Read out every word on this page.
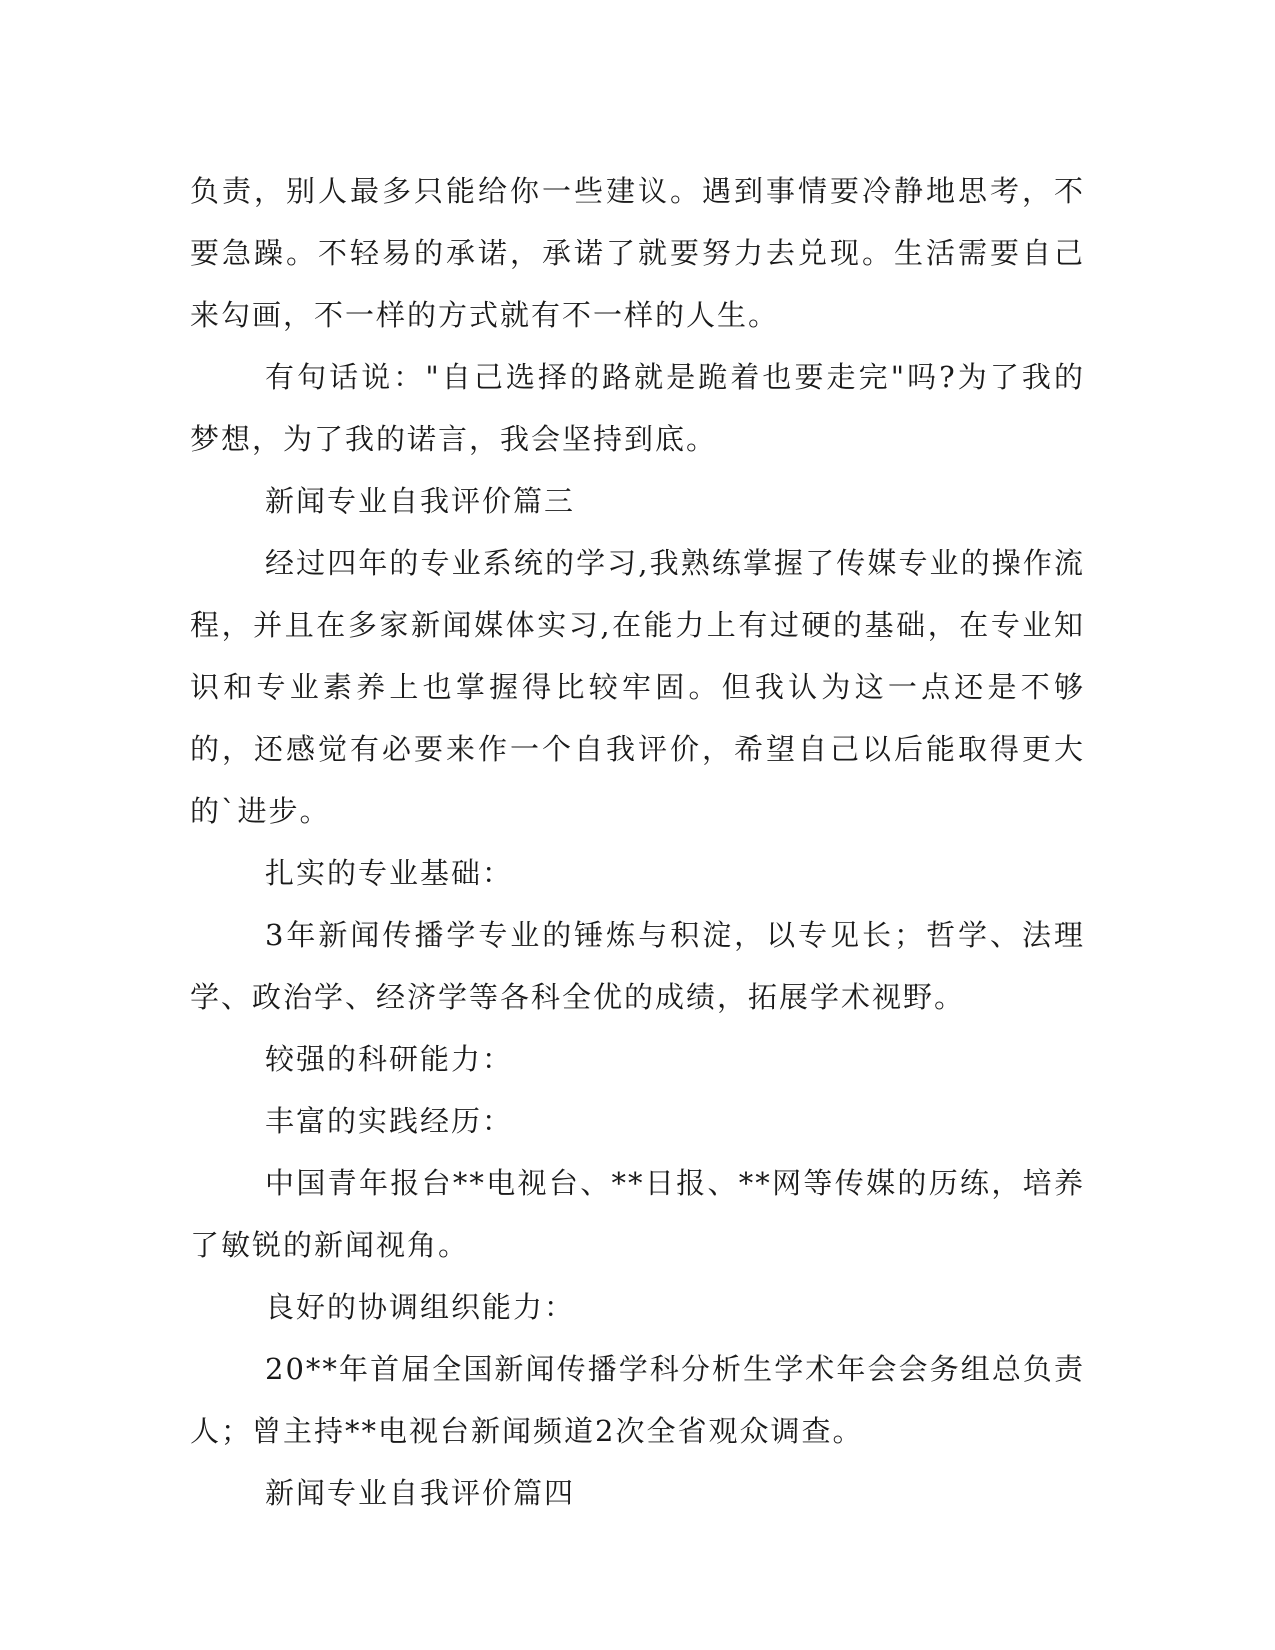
负责，别人最多只能给你一些建议。遇到事情要冷静地思考，不要急躁。不轻易的承诺，承诺了就要努力去兑现。生活需要自己来勾画，不一样的方式就有不一样的人生。

有句话说："自己选择的路就是跪着也要走完"吗?为了我的梦想，为了我的诺言，我会坚持到底。

新闻专业自我评价篇三

经过四年的专业系统的学习,我熟练掌握了传媒专业的操作流程，并且在多家新闻媒体实习,在能力上有过硬的基础，在专业知识和专业素养上也掌握得比较牢固。但我认为这一点还是不够的，还感觉有必要来作一个自我评价，希望自己以后能取得更大的`进步。

扎实的专业基础：

3年新闻传播学专业的锤炼与积淀，以专见长；哲学、法理学、政治学、经济学等各科全优的成绩，拓展学术视野。

较强的科研能力：

丰富的实践经历：

中国青年报台**电视台、**日报、**网等传媒的历练，培养了敏锐的新闻视角。

良好的协调组织能力：

20**年首届全国新闻传播学科分析生学术年会会务组总负责人；曾主持**电视台新闻频道2次全省观众调查。

新闻专业自我评价篇四
